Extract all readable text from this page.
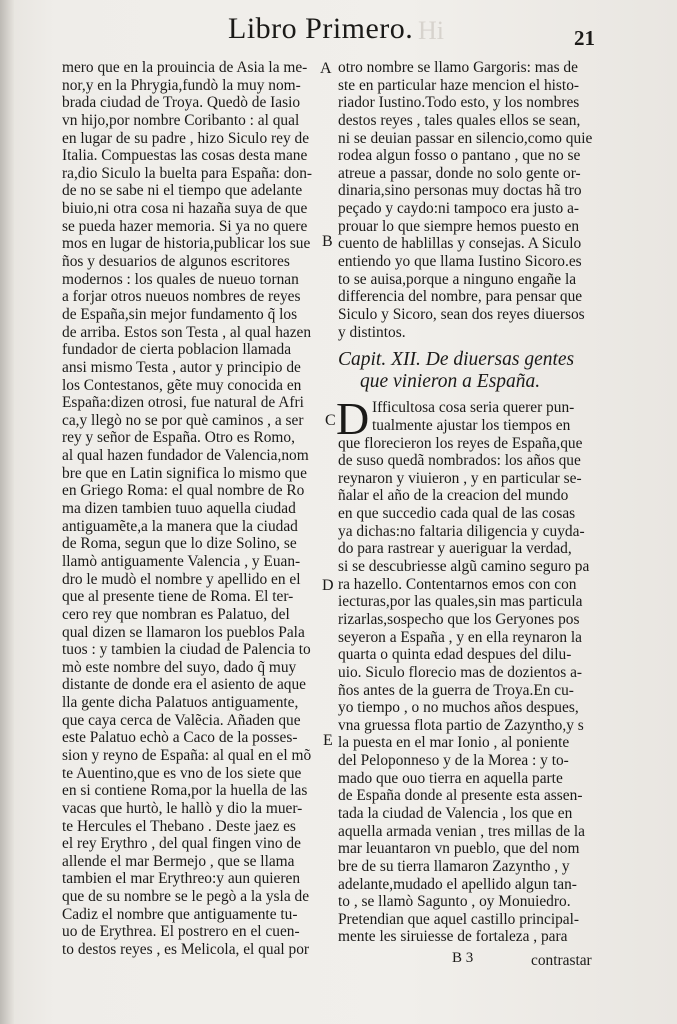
Libro Primero. Hi	21
mero que en la prouincia de Asia la me-
nor,y en la Phrygia,fundò la muy nom-
brada ciudad de Troya. Quedò de Iasio
vn hijo,por nombre Coribanto : al qual
en lugar de su padre , hizo Siculo rey de
Italia. Compuestas las cosas desta mane
ra,dio Siculo la buelta para España: don-
de no se sabe ni el tiempo que adelante
biuio,ni otra cosa ni hazaña suya de que
se pueda hazer memoria. Si ya no quere
mos en lugar de historia,publicar los sue
ños y desuarios de algunos escritores
modernos : los quales de nueuo tornan
a forjar otros nueuos nombres de reyes
de España,sin mejor fundamento q̃ los
de arriba. Estos son Testa , al qual hazen
fundador de cierta poblacion llamada
ansi mismo Testa , autor y principio de
los Contestanos, gẽte muy conocida en
España:dizen otrosi, fue natural de Afri
ca,y llegò no se por què caminos , a ser
rey y señor de España. Otro es Romo,
al qual hazen fundador de Valencia,nom
bre que en Latin significa lo mismo que
en Griego Roma: el qual nombre de Ro
ma dizen tambien tuuo aquella ciudad
antiguamẽte,a la manera que la ciudad
de Roma, segun que lo dize Solino, se
llamò antiguamente Valencia , y Euan-
dro le mudò el nombre y apellido en el
que al presente tiene de Roma. El ter-
cero rey que nombran es Palatuo, del
qual dizen se llamaron los pueblos Pala
tuos : y tambien la ciudad de Palencia to
mò este nombre del suyo, dado q̃ muy
distante de donde era el asiento de aque
lla gente dicha Palatuos antiguamente,
que caya cerca de Valẽcia. Añaden que
este Palatuo echò a Caco de la posses-
sion y reyno de España: al qual en el mõ
te Auentino,que es vno de los siete que
en si contiene Roma,por la huella de las
vacas que hurtò, le hallò y dio la muer-
te Hercules el Thebano . Deste jaez es
el rey Erythro , del qual fingen vino de
allende el mar Bermejo , que se llama
tambien el mar Erythreo:y aun quieren
que de su nombre se le pegò a la ysla de
Cadiz el nombre que antiguamente tu-
uo de Erythrea. El postrero en el cuen-
to destos reyes , es Melicola, el qual por
A
B
C
D
E
otro nombre se llamo Gargoris: mas de
ste en particular haze mencion el histo-
riador Iustino.Todo esto, y los nombres
destos reyes , tales quales ellos se sean,
ni se deuian passar en silencio,como quie
rodea algun fosso o pantano , que no se
atreue a passar, donde no solo gente or-
dinaria,sino personas muy doctas hã tro
peçado y caydo:ni tampoco era justo a-
prouar lo que siempre hemos puesto en
cuento de hablillas y consejas. A Siculo
entiendo yo que llama Iustino Sicoro.es
to se auisa,porque a ninguno engañe la
differencia del nombre, para pensar que
Siculo y Sicoro, sean dos reyes diuersos
y distintos.
Capit. XII. De diuersas gentes
que vinieron a España.
D Ifficultosa cosa seria querer pun-
tualmente ajustar los tiempos en
que florecieron los reyes de España,que
de suso quedã nombrados: los años que
reynaron y viuieron , y en particular se-
ñalar el año de la creacion del mundo
en que succedio cada qual de las cosas
ya dichas:no faltaria diligencia y cuyda-
do para rastrear y aueriguar la verdad,
si se descubriesse algũ camino seguro pa
ra hazello. Contentarnos emos con con
iecturas,por las quales,sin mas particula
rizarlas,sospecho que los Geryones pos
seyeron a España , y en ella reynaron la
quarta o quinta edad despues del dilu-
uio. Siculo florecio mas de dozientos a-
ños antes de la guerra de Troya.En cu-
yo tiempo , o no muchos años despues,
vna gruessa flota partio de Zazyntho,y s
la puesta en el mar Ionio , al poniente
del Peloponneso y de la Morea : y to-
mado que ouo tierra en aquella parte
de España donde al presente esta assen-
tada la ciudad de Valencia , los que en
aquella armada venian , tres millas de la
mar leuantaron vn pueblo, que del nom
bre de su tierra llamaron Zazyntho , y
adelante,mudado el apellido algun tan-
to , se llamò Sagunto , oy Monuiedro.
Pretendian que aquel castillo principal-
mente les siruiesse de fortaleza , para
B 3	contrastar
